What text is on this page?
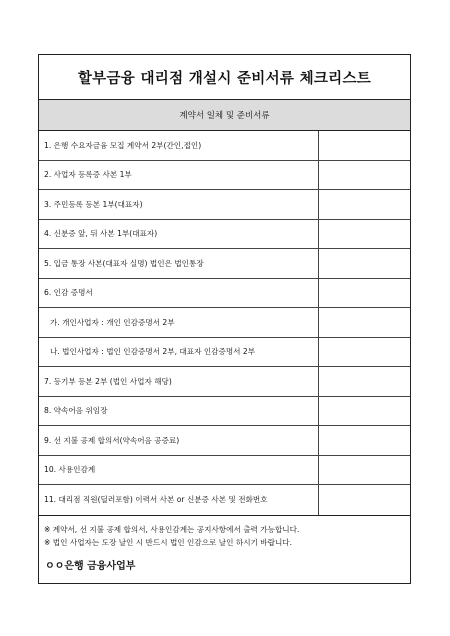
할부금융 대리점 개설시 준비서류 체크리스트
계약서 일체 및 준비서류
1. 은행 수요자금융 모집 계약서 2부(간인,접인)
2. 사업자 등록증 사본 1부
3. 주민등록 등본 1부(대표자)
4. 신분증 앞, 뒤 사본 1부(대표자)
5. 입금 통장 사본(대표자 실명) 법인은 법인통장
6. 인감 증명서
가. 개인사업자 : 개인 인감증명서 2부
나. 법인사업자 : 법인 인감증명서 2부, 대표자 인감증명서 2부
7. 등기부 등본 2부 (법인 사업자 해당)
8. 약속어음 위임장
9. 선 지불 공제 합의서(약속어음 공증료)
10. 사용인감계
11. 대리점 직원(딜러포함) 이력서 사본 or 신분증 사본 및 전화번호
※ 계약서, 선 지불 공제 합의서, 사용인감계는 공지사항에서 출력 가능합니다.
※ 법인 사업자는 도장 날인 시 반드시 법인 인감으로 날인 하시기 바랍니다.
ㅇㅇ은행 금융사업부
